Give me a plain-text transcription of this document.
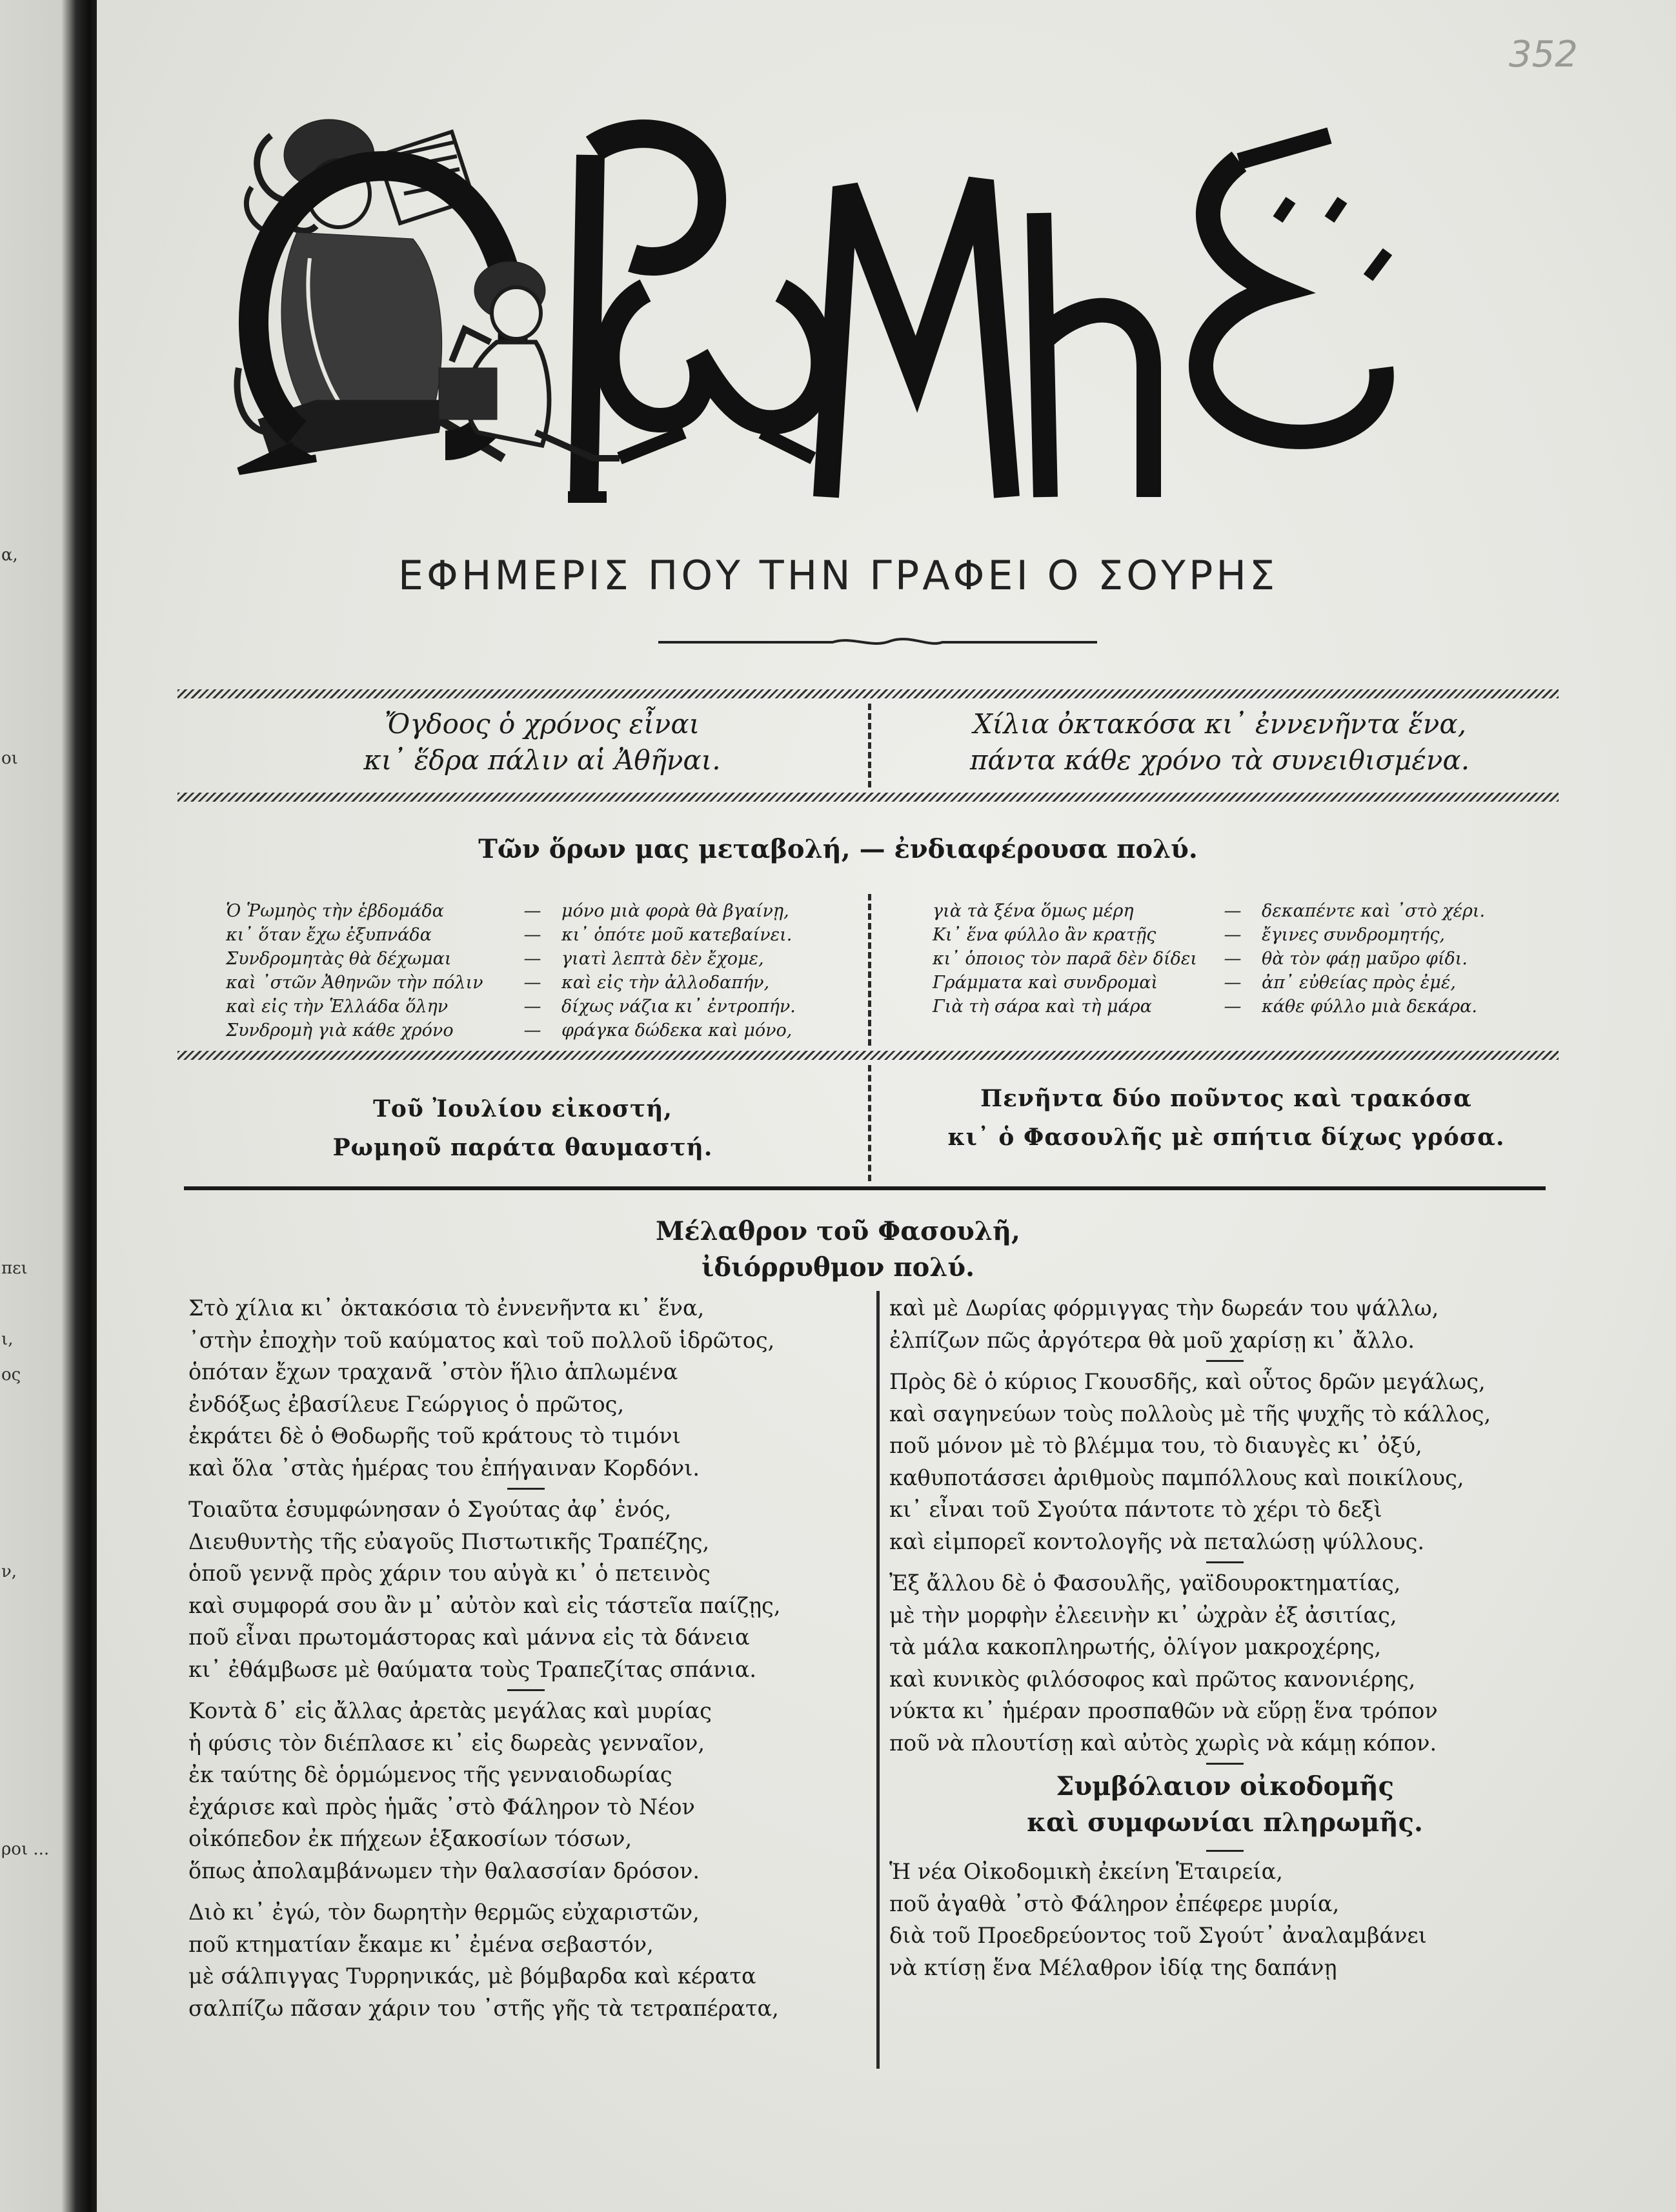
α,
οι
πει
ι,
ος
ν,
ροι ...
352
ΕΦΗΜΕΡΙΣ ΠΟΥ ΤΗΝ ΓΡΑΦΕΙ Ο ΣΟΥΡΗΣ
Ὄγδοος ὁ χρόνος εἶναι
κι᾽ ἕδρα πάλιν αἱ Ἀθῆναι.
Χίλια ὀκτακόσα κι᾽ ἐννενῆντα ἕνα,
πάντα κάθε χρόνο τὰ συνειθισμένα.
Τῶν ὅρων μας μεταβολή, — ἐνδιαφέρουσα πολύ.
Ὁ Ῥωμηὸς τὴν ἑβδομάδα	—	μόνο μιὰ φορὰ θὰ βγαίνῃ,
κι᾽ ὅταν ἔχω ἐξυπνάδα	—	κι᾽ ὁπότε μοῦ κατεβαίνει.
Συνδρομητὰς θὰ δέχωμαι	—	γιατὶ λεπτὰ δὲν ἔχομε,
καὶ ᾽στῶν Ἀθηνῶν τὴν πόλιν	—	καὶ εἰς τὴν ἀλλοδαπήν,
καὶ εἰς τὴν Ἑλλάδα ὅλην	—	δίχως νάζια κι᾽ ἐντροπήν.
Συνδρομὴ γιὰ κάθε χρόνο	—	φράγκα δώδεκα καὶ μόνο,
γιὰ τὰ ξένα ὅμως μέρη	—	δεκαπέντε καὶ ᾽στὸ χέρι.
Κι᾽ ἕνα φύλλο ἂν κρατῇς	—	ἔγινες συνδρομητής,
κι᾽ ὁποιος τὸν παρᾶ δὲν δίδει	—	θὰ τὸν φάῃ μαῦρο φίδι.
Γράμματα καὶ συνδρομαὶ	—	ἀπ᾽ εὐθείας πρὸς ἐμέ,
Γιὰ τὴ σάρα καὶ τὴ μάρα	—	κάθε φύλλο μιὰ δεκάρα.
Τοῦ Ἰουλίου εἰκοστή,
Ρωμηοῦ παράτα θαυμαστή.
Πενῆντα δύο ποῦντος καὶ τρακόσα
κι᾽ ὁ Φασουλῆς μὲ σπήτια δίχως γρόσα.
Μέλαθρον τοῦ Φασουλῆ,
ἰδιόρρυθμον πολύ.

Στὸ χίλια κι᾽ ὀκτακόσια τὸ ἐννενῆντα κι᾽ ἕνα,

᾽στὴν ἐποχὴν τοῦ καύματος καὶ τοῦ πολλοῦ ἱδρῶτος,

ὁπόταν ἔχων τραχανᾶ ᾽στὸν ἥλιο ἁπλωμένα

ἐνδόξως ἐβασίλευε Γεώργιος ὁ πρῶτος,

ἐκράτει δὲ ὁ Θοδωρῆς τοῦ κράτους τὸ τιμόνι

καὶ ὅλα ᾽στὰς ἡμέρας του ἐπήγαιναν Κορδόνι.

Τοιαῦτα ἐσυμφώνησαν ὁ Σγούτας ἀφ᾽ ἑνός,

Διευθυντὴς τῆς εὐαγοῦς Πιστωτικῆς Τραπέζης,

ὁποῦ γεννᾷ πρὸς χάριν του αὐγὰ κι᾽ ὁ πετεινὸς

καὶ συμφορά σου ἂν μ᾽ αὐτὸν καὶ εἰς τάστεῖα παίζῃς,

ποῦ εἶναι πρωτομάστορας καὶ μάννα εἰς τὰ δάνεια

κι᾽ ἐθάμβωσε μὲ θαύματα τοὺς Τραπεζίτας σπάνια.

Κοντὰ δ᾽ εἰς ἄλλας ἀρετὰς μεγάλας καὶ μυρίας

ἡ φύσις τὸν διέπλασε κι᾽ εἰς δωρεὰς γενναῖον,

ἐκ ταύτης δὲ ὁρμώμενος τῆς γενναιοδωρίας

ἐχάρισε καὶ πρὸς ἡμᾶς ᾽στὸ Φάληρον τὸ Νέον

οἰκόπεδον ἐκ πήχεων ἑξακοσίων τόσων,

ὅπως ἀπολαμβάνωμεν τὴν θαλασσίαν δρόσον.

Διὸ κι᾽ ἐγώ, τὸν δωρητὴν θερμῶς εὐχαριστῶν,

ποῦ κτηματίαν ἔκαμε κι᾽ ἐμένα σεβαστόν,

μὲ σάλπιγγας Τυρρηνικάς, μὲ βόμβαρδα καὶ κέρατα

σαλπίζω πᾶσαν χάριν του ᾽στῆς γῆς τὰ τετραπέρατα,

καὶ μὲ Δωρίας φόρμιγγας τὴν δωρεάν του ψάλλω,

ἐλπίζων πῶς ἀργότερα θὰ μοῦ χαρίσῃ κι᾽ ἄλλο.

Πρὸς δὲ ὁ κύριος Γκουσδῆς, καὶ οὗτος δρῶν μεγάλως,

καὶ σαγηνεύων τοὺς πολλοὺς μὲ τῆς ψυχῆς τὸ κάλλος,

ποῦ μόνον μὲ τὸ βλέμμα του, τὸ διαυγὲς κι᾽ ὀξύ,

καθυποτάσσει ἀριθμοὺς παμπόλλους καὶ ποικίλους,

κι᾽ εἶναι τοῦ Σγούτα πάντοτε τὸ χέρι τὸ δεξὶ

καὶ εἰμπορεῖ κοντολογῆς νὰ πεταλώσῃ ψύλλους.

Ἐξ ἄλλου δὲ ὁ Φασουλῆς, γαϊδουροκτηματίας,

μὲ τὴν μορφὴν ἐλεεινὴν κι᾽ ὠχρὰν ἐξ ἀσιτίας,

τὰ μάλα κακοπληρωτής, ὀλίγον μακροχέρης,

καὶ κυνικὸς φιλόσοφος καὶ πρῶτος κανονιέρης,

νύκτα κι᾽ ἡμέραν προσπαθῶν νὰ εὕρῃ ἕνα τρόπον

ποῦ νὰ πλουτίσῃ καὶ αὐτὸς χωρὶς νὰ κάμῃ κόπον.

Συμβόλαιον οἰκοδομῆς
καὶ συμφωνίαι πληρωμῆς.

Ἡ νέα Οἰκοδομικὴ ἐκείνη Ἑταιρεία,

ποῦ ἀγαθὰ ᾽στὸ Φάληρον ἐπέφερε μυρία,

διὰ τοῦ Προεδρεύοντος τοῦ Σγούτ᾽ ἀναλαμβάνει

νὰ κτίσῃ ἕνα Μέλαθρον ἰδίᾳ της δαπάνῃ
